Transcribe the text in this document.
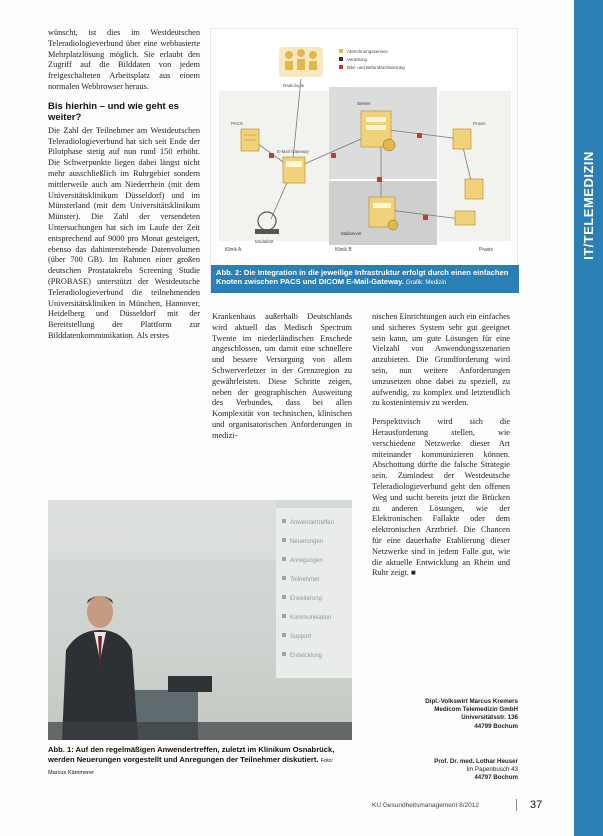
IT/TELEMEDIZIN

wünscht, ist dies im Westdeutschen Teleradiologieverbund über eine webbasierte Mehrplatzlösung möglich. Sie erlaubt den Zugriff auf die Bilddaten von jedem freigeschalteten Arbeitsplatz aus einem normalen Webbrowser heraus.

Bis hierhin – und wie geht es weiter?

Die Zahl der Teilnehmer am Westdeutschen Teleradiologieverbund hat sich seit Ende der Pilotphase stetig auf nun rund 150 erhöht. Die Schwerpunkte liegen dabei längst nicht mehr ausschließlich im Ruhrgebiet sondern mittlerweile auch am Niederrhein (mit dem Universitätsklinikum Düsseldorf) und im Münsterland (mit dem Universitätsklinikum Münster). Die Zahl der versendeten Untersuchungen hat sich im Laufe der Zeit entsprechend auf 9000 pro Monat gesteigert, ebenso das dahinterstehende Datenvolumen (über 700 GB). Im Rahmen einer großen deutschen Prostatakrebs Screening Studie (PROBASE) unterstützt der Westdeutsche Teleradiologieverbund die teilnehmenden Universitätskliniken in München, Hannover, Heidelberg und Düsseldorf mit der Bereitstellung der Plattform zur Bilddatenkommunikation. Als erstes

Radiologie
Abrechnungsservice
Verteilung
Bild- und Befundarchivierung
PACS
E-Mail Gateway
Server
Mailserver
Praxis
Modalität
Klinik A	Klinik B	Praxis
Abb. 2: Die Integration in die jeweilige Infrastruktur erfolgt durch einen einfachen Knoten zwischen PACS und DICOM E-Mail-Gateway. Grafik: Medizin

Krankenhaus außerhalb Deutschlands wird aktuell das Medisch Spectrum Twente im niederländischen Enschede angeschlossen, um damit eine schnellere und bessere Versorgung von allem Schwerverletzer in der Grenzregion zu gewährleisten. Diese Schritte zeigen, neben der geographischen Ausweitung des Verbundes, dass bei allen Komplexität von technischen, klinischen und organisatorischen Anforderungen in medizi-

nischen Einrichtungen auch ein einfaches und sicheres System sehr gut geeignet sein kann, um gute Lösungen für eine Vielzahl von Anwendungsszenarien anzubieten. Die Grundforderung wird sein, nun weitere Anforderungen umzusetzen ohne dabei zu speziell, zu aufwendig, zu komplex und letztendlich zu kostenintensiv zu werden.

Perspektivisch wird sich die Herausforderung stellen, wie verschiedene Netzwerke dieser Art miteinander kommunizieren können. Abschottung dürfte die falsche Strategie sein. Zumindest der Westdeutsche Teleradiologieverbund geht den offenen Weg und sucht bereits jetzt die Brücken zu anderen Lösungen, wie der Elektronischen Fallakte oder dem elektronischen Arztbrief. Die Chancen für eine dauerhafte Etablierung dieser Netzwerke sind in jedem Falle gut, wie die aktuelle Entwicklung an Rhein und Ruhr zeigt. ■

Anwendertreffen
Neuerungen
Anregungen
Teilnehmer
Erweiterung
Kommunikation
Support
Entwicklung
Abb. 1: Auf den regelmäßigen Anwendertreffen, zuletzt im Klinikum Osnabrück, werden Neuerungen vorgestellt und Anregungen der Teilnehmer diskutiert. Foto: Marcus Kämmerer
Dipl.-Volkswirt Marcus Kremers
Medicom Telemedizin GmbH
Universitätsstr. 136
44799 Bochum
Prof. Dr. med. Lothar Heuser
Im Papenbusch 43
44797 Bochum
KU Gesundheitsmanagement 8/2012	37
